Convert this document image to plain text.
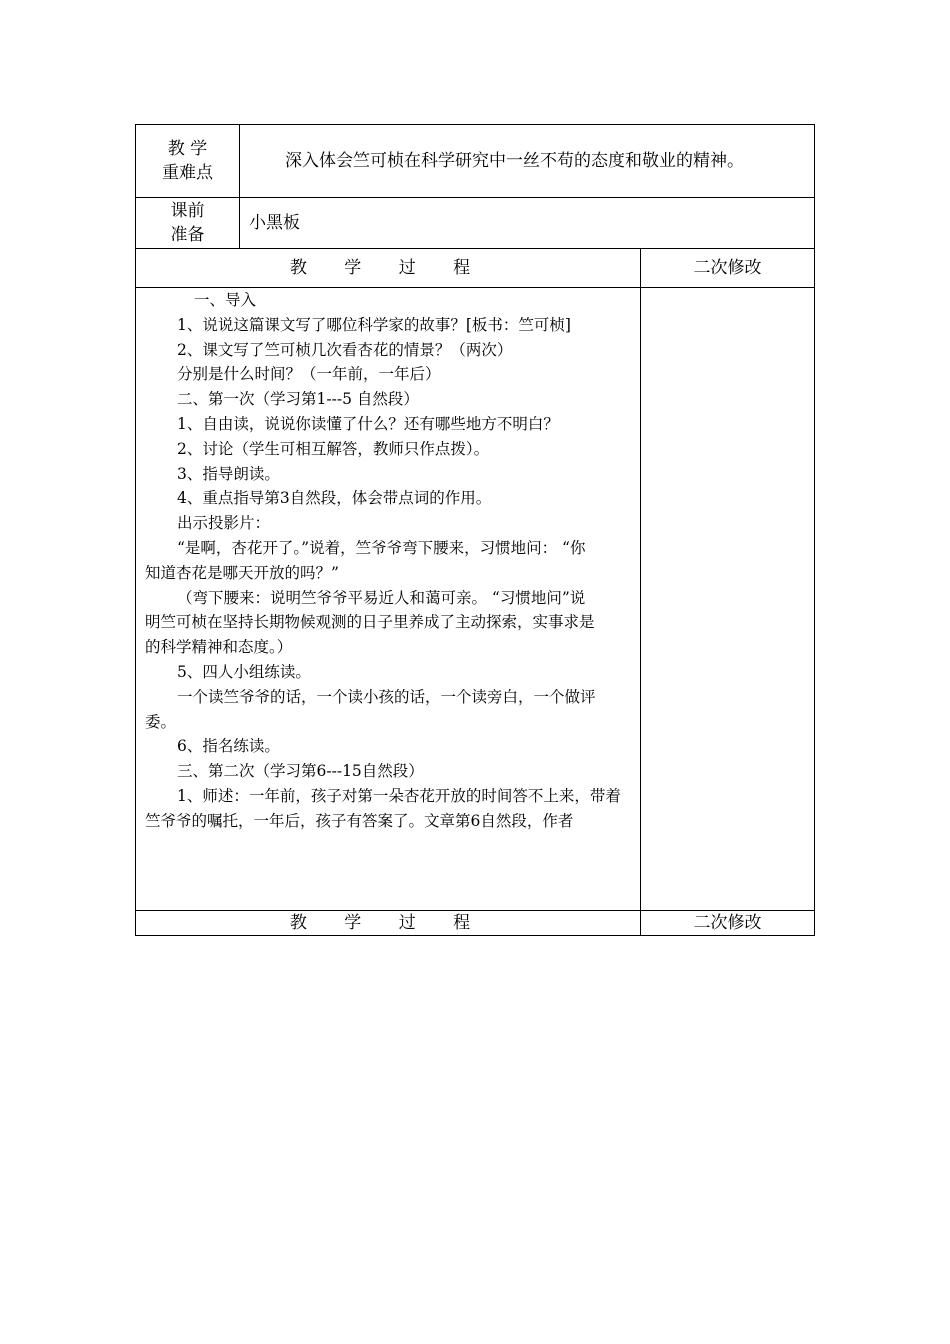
教 学
重难点
深入体会竺可桢在科学研究中一丝不苟的态度和敬业的精神。
课前
准备
小黑板
教 学 过 程	二次修改
一、导入
1、说说这篇课文写了哪位科学家的故事？[板书：竺可桢]
2、课文写了竺可桢几次看杏花的情景？（两次）
分别是什么时间？（一年前，一年后）
二、第一次（学习第1---5 自然段）
1、自由读，说说你读懂了什么？还有哪些地方不明白？
2、讨论（学生可相互解答，教师只作点拨）。
3、指导朗读。
4、重点指导第3自然段，体会带点词的作用。
出示投影片：
“是啊，杏花开了。”说着，竺爷爷弯下腰来，习惯地问： “你
知道杏花是哪天开放的吗？”
（弯下腰来：说明竺爷爷平易近人和蔼可亲。 “习惯地问”说
明竺可桢在坚持长期物候观测的日子里养成了主动探索，实事求是
的科学精神和态度。）
5、四人小组练读。
一个读竺爷爷的话，一个读小孩的话，一个读旁白，一个做评
委。
6、指名练读。
三、第二次（学习第6---15自然段）
1、师述：一年前，孩子对第一朵杏花开放的时间答不上来，带着
竺爷爷的嘱托，一年后，孩子有答案了。文章第6自然段，作者
教 学 过 程	二次修改
